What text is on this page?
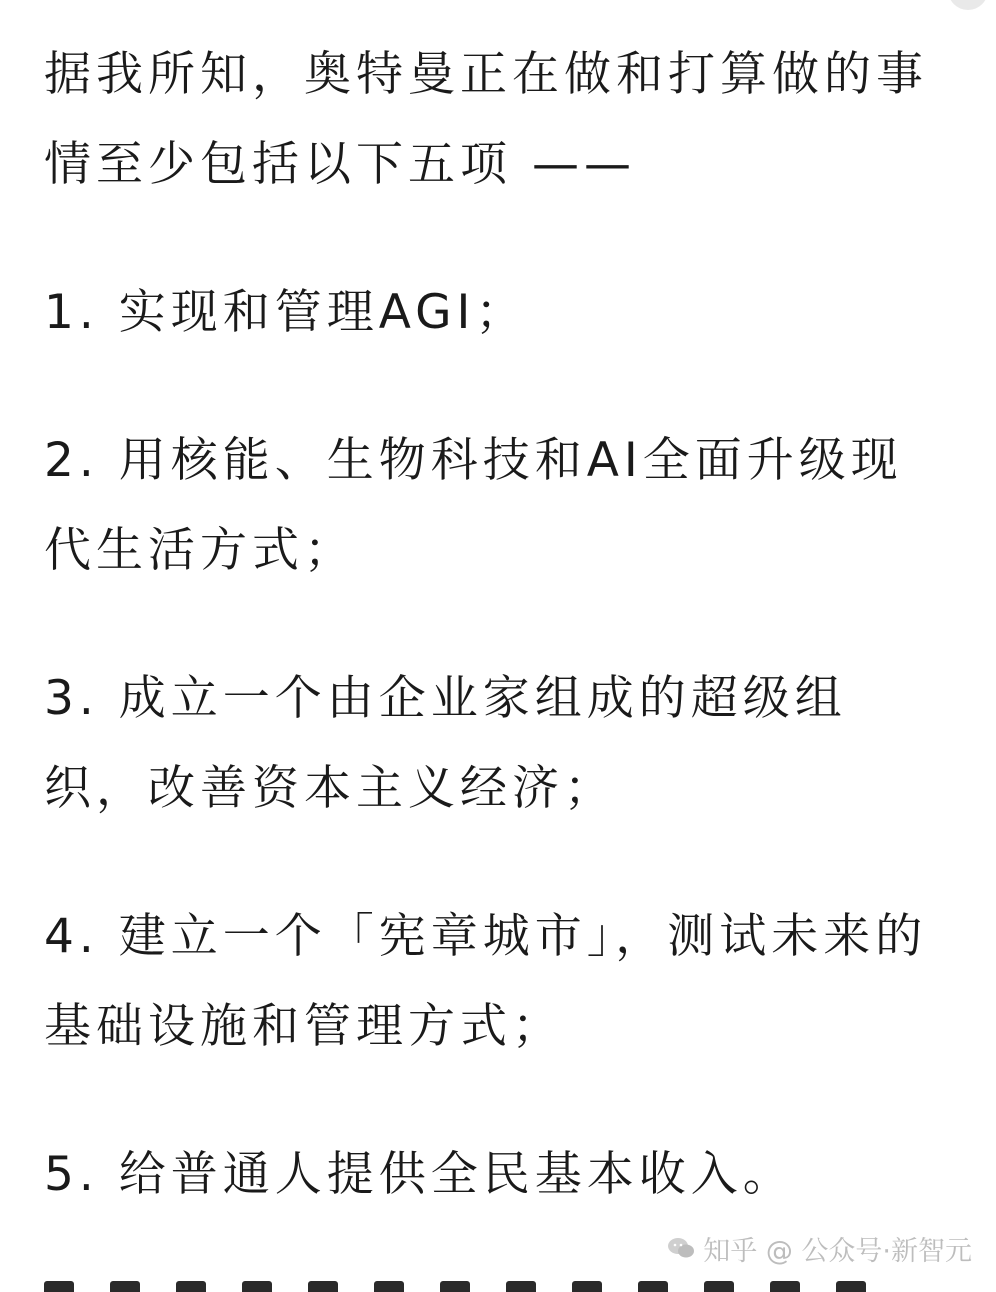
据我所知，奥特曼正在做和打算做的事情至少包括以下五项 ——

1. 实现和管理AGI；

2. 用核能、生物科技和AI全面升级现代生活方式；

3. 成立一个由企业家组成的超级组织，改善资本主义经济；

4. 建立一个「宪章城市」，测试未来的基础设施和管理方式；

5. 给普通人提供全民基本收入。

知乎 @ 公众号·新智元
